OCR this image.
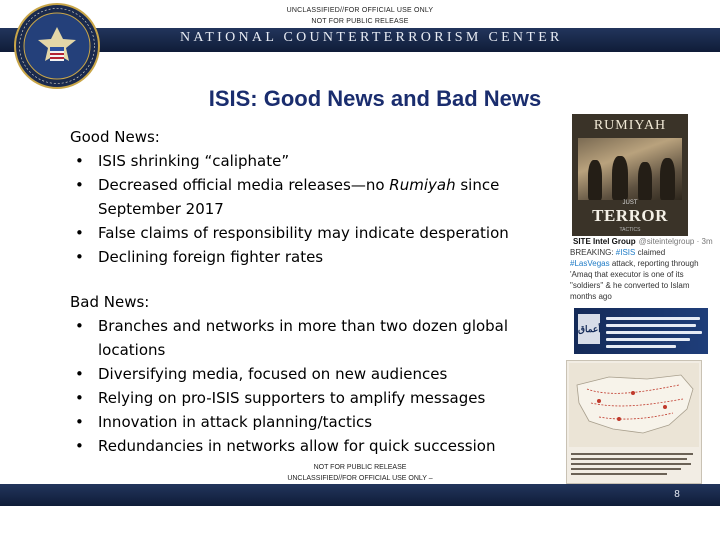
UNCLASSIFIED//FOR OFFICIAL USE ONLY
NOT FOR PUBLIC RELEASE
NATIONAL COUNTERTERRORISM CENTER
ISIS: Good News and Bad News

Good News:

• ISIS shrinking “caliphate”
• Decreased official media releases—no Rumiyah since September 2017
• False claims of responsibility may indicate desperation
• Declining foreign fighter rates

Bad News:

• Branches and networks in more than two dozen global locations
• Diversifying media, focused on new audiences
• Relying on pro-ISIS supporters to amplify messages
• Innovation in attack planning/tactics
• Redundancies in networks allow for quick succession
RUMIYAH
JUST
TERROR
TACTICS
SITE Intel Group @siteintelgroup · 3m
BREAKING: #ISIS claimed
#LasVegas attack, reporting through
'Amaq that executor is one of its
"soldiers" & he converted to Islam
months ago
أعماق
NOT FOR PUBLIC RELEASE
UNCLASSIFIED//FOR OFFICIAL USE ONLY –
8
